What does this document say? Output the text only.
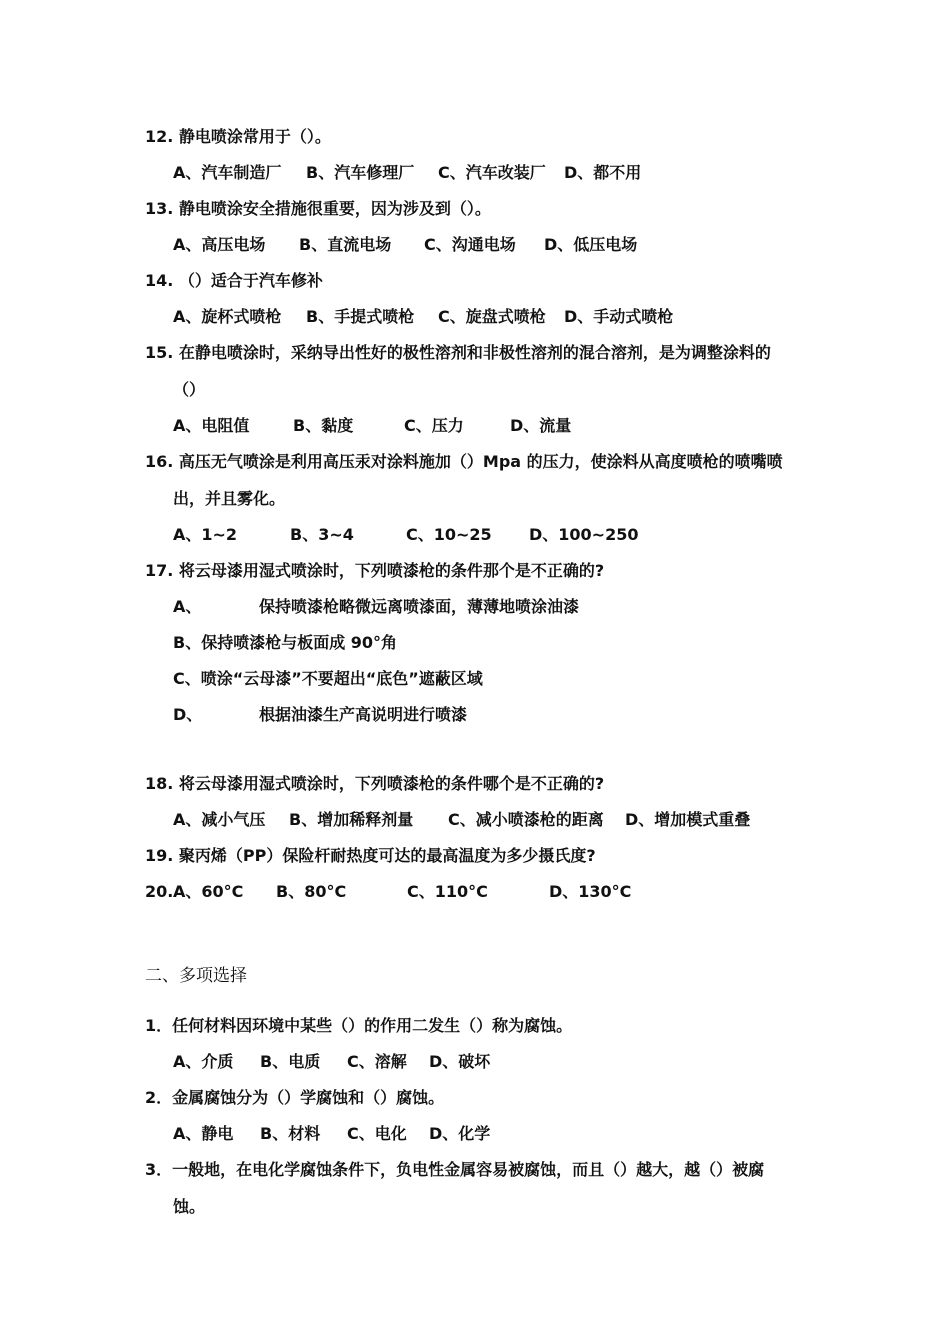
12. 静电喷涂常用于（）。
A、汽车制造厂 B、汽车修理厂 C、汽车改装厂 D、都不用
13. 静电喷涂安全措施很重要，因为涉及到（）。
A、高压电场 B、直流电场 C、沟通电场 D、低压电场
14. （）适合于汽车修补
A、旋杯式喷枪 B、手提式喷枪 C、旋盘式喷枪 D、手动式喷枪
15. 在静电喷涂时，采纳导出性好的极性溶剂和非极性溶剂的混合溶剂，是为调整涂料的
（）
A、电阻值	B、黏度	C、压力	D、流量
16. 高压无气喷涂是利用高压汞对涂料施加（）Mpa 的压力，使涂料从高度喷枪的喷嘴喷
出，并且雾化。
A、1~2	B、3~4	C、10~25 D、100~250
17. 将云母漆用湿式喷涂时，下列喷漆枪的条件那个是不正确的?
A、	保持喷漆枪略微远离喷漆面，薄薄地喷涂油漆
B、保持喷漆枪与板面成 90°角
C、喷涂“云母漆”不要超出“底色”遮蔽区域
D、	根据油漆生产高说明进行喷漆
18. 将云母漆用湿式喷涂时，下列喷漆枪的条件哪个是不正确的?
A、减小气压 B、增加稀释剂量 C、减小喷漆枪的距离 D、增加模式重叠
19. 聚丙烯（PP）保险杆耐热度可达的最高温度为多少摄氏度?
20.A、60°C B、80°C	C、110°C	D、130°C
二、多项选择
1．任何材料因环境中某些（）的作用二发生（）称为腐蚀。
A、介质 B、电质 C、溶解 D、破坏
2．金属腐蚀分为（）学腐蚀和（）腐蚀。
A、静电 B、材料 C、电化 D、化学
3．一般地，在电化学腐蚀条件下，负电性金属容易被腐蚀，而且（）越大，越（）被腐
蚀。
